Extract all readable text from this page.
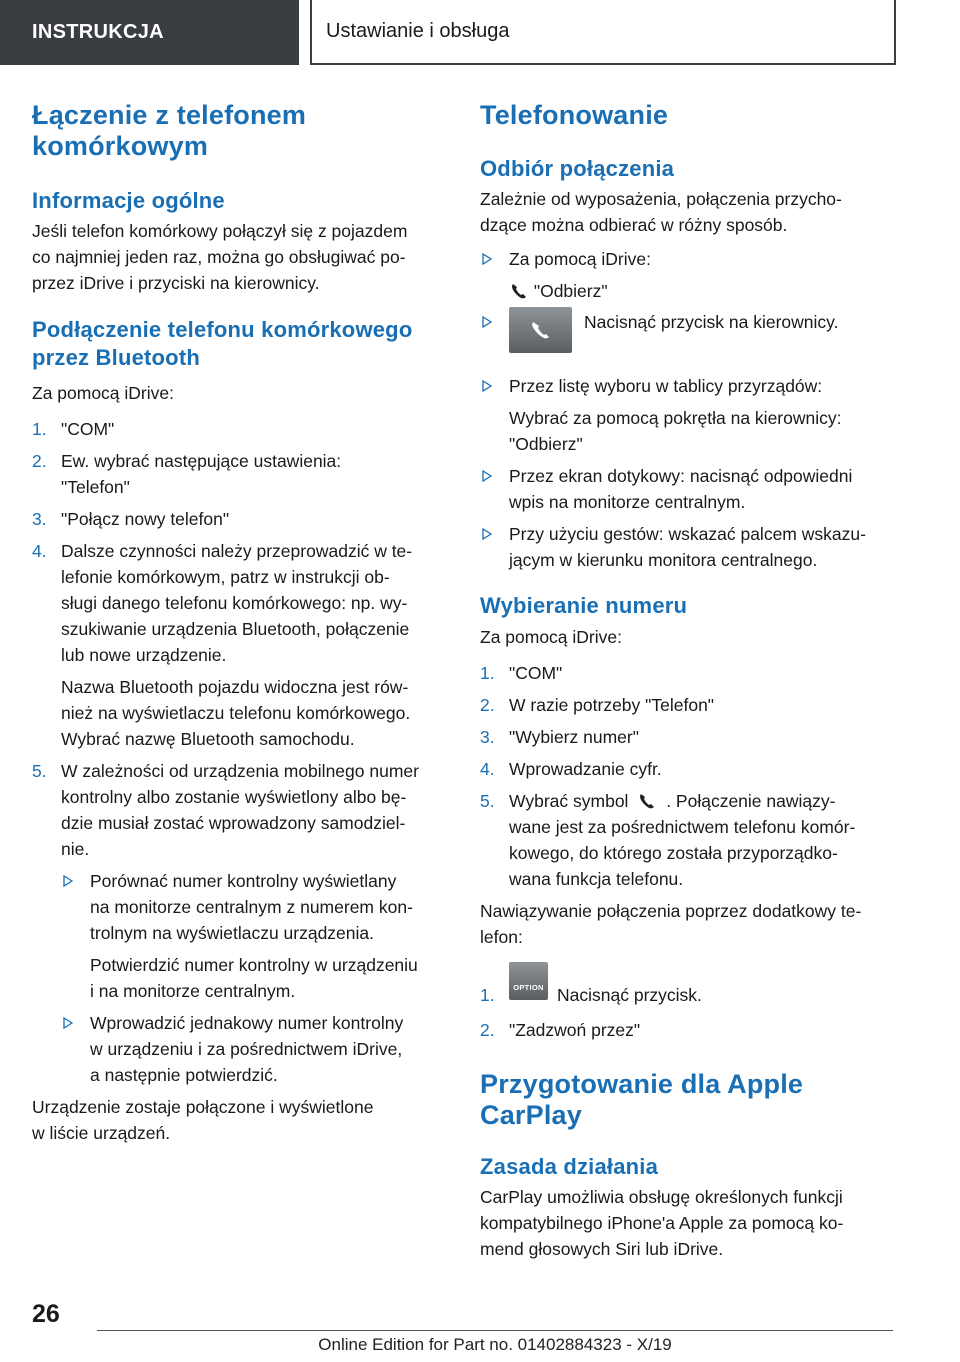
INSTRUKCJA	Ustawianie i obsługa
Łączenie z telefonem
komórkowym
Informacje ogólne
Jeśli telefon komórkowy połączył się z pojazdem
co najmniej jeden raz, można go obsługiwać po‐
przez iDrive i przyciski na kierownicy.
Podłączenie telefonu komórkowego
przez Bluetooth
Za pomocą iDrive:
1. "COM"
2. Ew. wybrać następujące ustawienia:
"Telefon"
3. "Połącz nowy telefon"
4. Dalsze czynności należy przeprowadzić w te‐
lefonie komórkowym, patrz w instrukcji ob‐
sługi danego telefonu komórkowego: np. wy‐
szukiwanie urządzenia Bluetooth, połączenie
lub nowe urządzenie.
Nazwa Bluetooth pojazdu widoczna jest rów‐
nież na wyświetlaczu telefonu komórkowego.
Wybrać nazwę Bluetooth samochodu.
5. W zależności od urządzenia mobilnego numer
kontrolny albo zostanie wyświetlony albo bę‐
dzie musiał zostać wprowadzony samodziel‐
nie.
Porównać numer kontrolny wyświetlany
na monitorze centralnym z numerem kon‐
trolnym na wyświetlaczu urządzenia.
Potwierdzić numer kontrolny w urządzeniu
i na monitorze centralnym.
Wprowadzić jednakowy numer kontrolny
w urządzeniu i za pośrednictwem iDrive,
a następnie potwierdzić.
Urządzenie zostaje połączone i wyświetlone
w liście urządzeń.
Telefonowanie
Odbiór połączenia
Zależnie od wyposażenia, połączenia przycho‐
dzące można odbierać w różny sposób.
Za pomocą iDrive:
"Odbierz"
Nacisnąć przycisk na kierownicy.
Przez listę wyboru w tablicy przyrządów:
Wybrać za pomocą pokrętła na kierownicy:
"Odbierz"
Przez ekran dotykowy: nacisnąć odpowiedni
wpis na monitorze centralnym.
Przy użyciu gestów: wskazać palcem wskazu‐
jącym w kierunku monitora centralnego.
Wybieranie numeru
Za pomocą iDrive:
1. "COM"
2. W razie potrzeby "Telefon"
3. "Wybierz numer"
4. Wprowadzanie cyfr.
5. Wybrać symbol . Połączenie nawiązy‐
wane jest za pośrednictwem telefonu komór‐
kowego, do którego została przyporządko‐
wana funkcja telefonu.
Nawiązywanie połączenia poprzez dodatkowy te‐
lefon:
1.	OPTION Nacisnąć przycisk.
2. "Zadzwoń przez"
Przygotowanie dla Apple
CarPlay
Zasada działania
CarPlay umożliwia obsługę określonych funkcji
kompatybilnego iPhone'a Apple za pomocą ko‐
mend głosowych Siri lub iDrive.
26
Online Edition for Part no. 01402884323 - X/19
